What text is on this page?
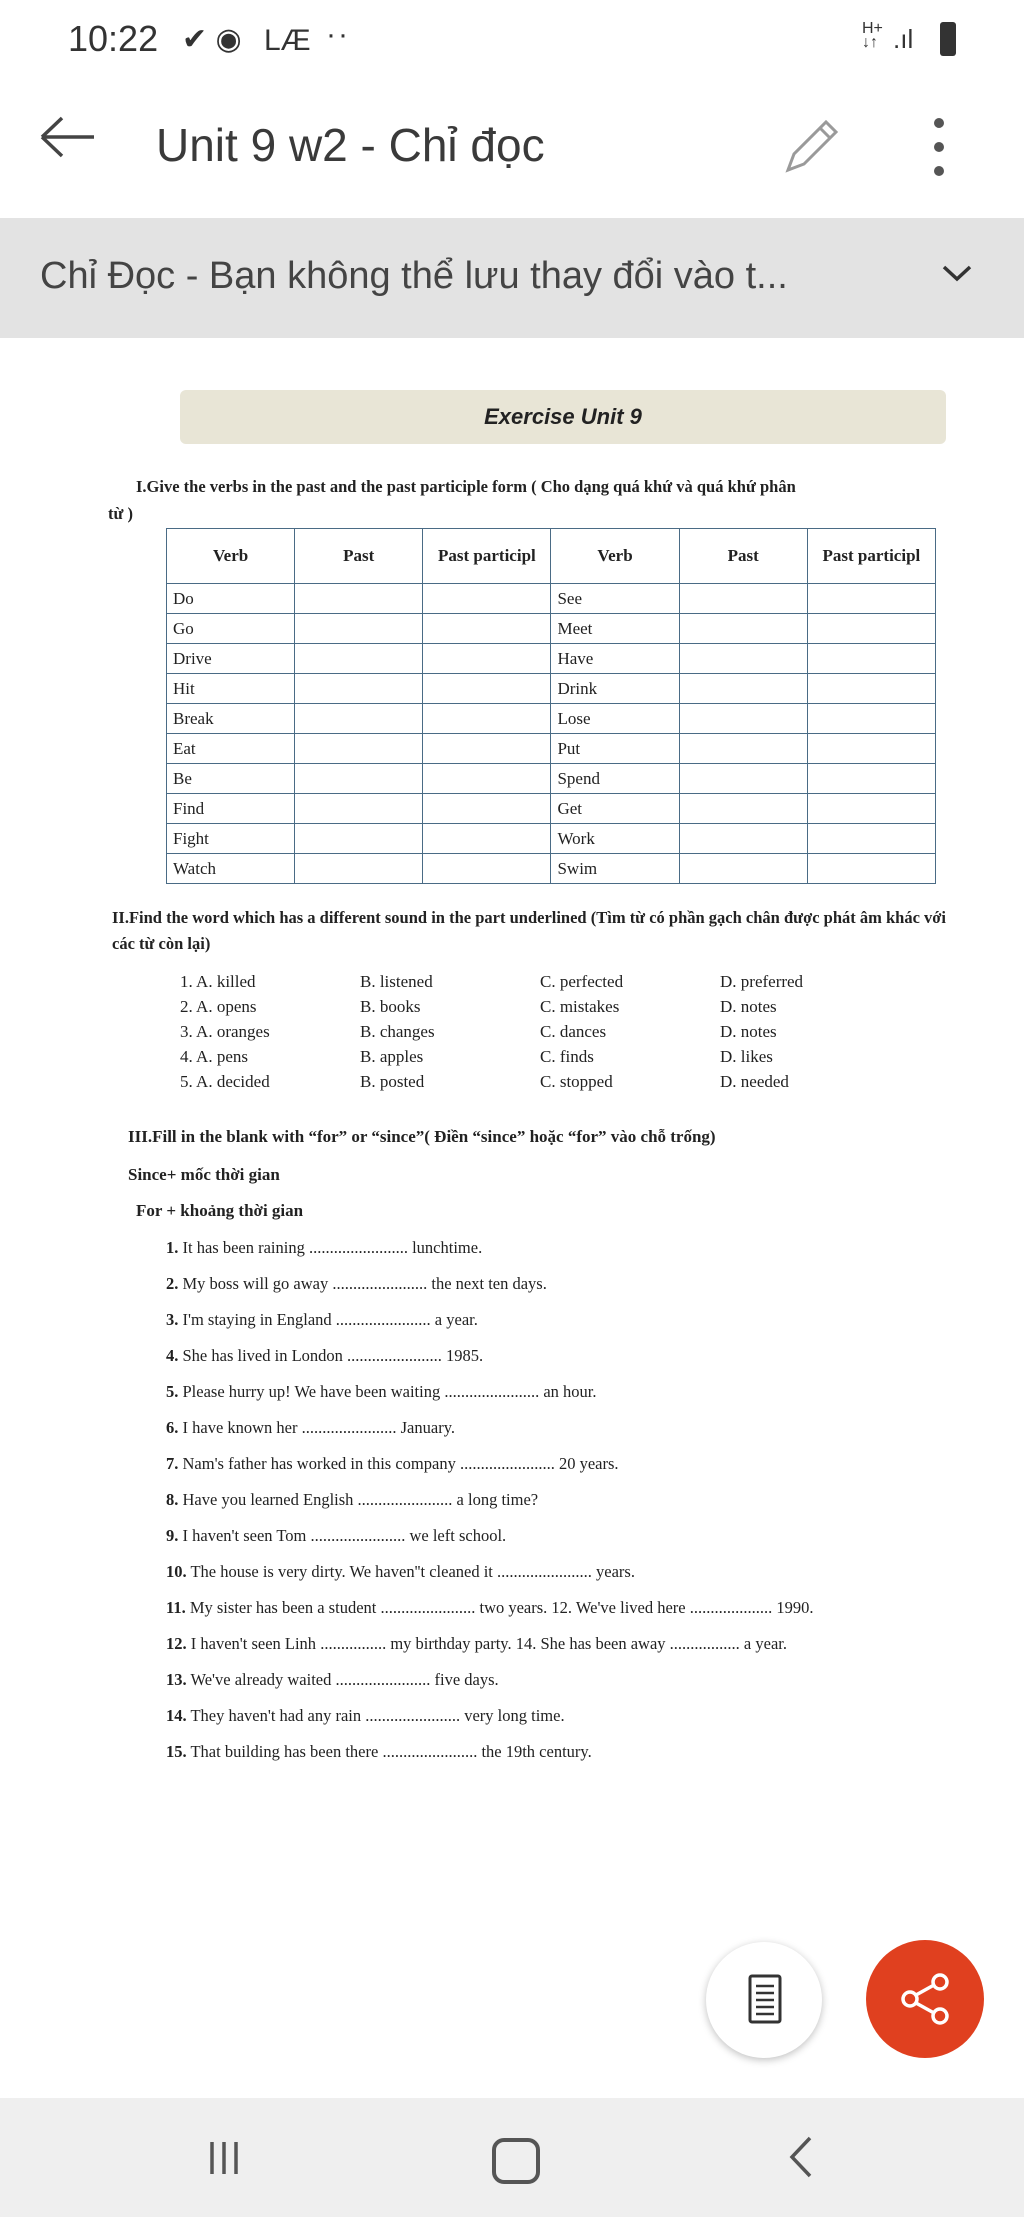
10:22 ✔ ◉ LÆ ··	H+
↓↑ .ıl
Unit 9 w2 - Chỉ đọc
Chỉ Đọc - Bạn không thể lưu thay đổi vào t...
Exercise Unit 9
I.Give the verbs in the past and the past participle form ( Cho dạng quá khứ và quá khứ phân
từ )
Verb	Past	Past participl	Verb	Past	Past participl
Do			See		
Go			Meet		
Drive			Have		
Hit			Drink		
Break			Lose		
Eat			Put		
Be			Spend		
Find			Get		
Fight			Work		
Watch			Swim		
II.Find the word which has a different sound in the part underlined (Tìm từ có phần gạch chân được phát âm khác với các từ còn lại)
1. A. killed	B. listened	C. perfected	D. preferred
2. A. opens	B. books	C. mistakes	D. notes
3. A. oranges	B. changes	C. dances	D. notes
4. A. pens	B. apples	C. finds	D. likes
5. A. decided	B. posted	C. stopped	D. needed
III.Fill in the blank with “for” or “since”( Điền “since” hoặc “for” vào chỗ trống)
Since+ mốc thời gian
For + khoảng thời gian
1. It has been raining ........................ lunchtime.
2. My boss will go away ....................... the next ten days.
3. I'm staying in England ....................... a year.
4. She has lived in London ....................... 1985.
5. Please hurry up! We have been waiting ....................... an hour.
6. I have known her ....................... January.
7. Nam's father has worked in this company ....................... 20 years.
8. Have you learned English ....................... a long time?
9. I haven't seen Tom ....................... we left school.
10. The house is very dirty. We haven''t cleaned it ....................... years.
11. My sister has been a student ....................... two years. 12. We've lived here .................... 1990.
12. I haven't seen Linh ................ my birthday party. 14. She has been away ................. a year.
13. We've already waited ....................... five days.
14. They haven't had any rain ....................... very long time.
15. That building has been there ....................... the 19th century.
